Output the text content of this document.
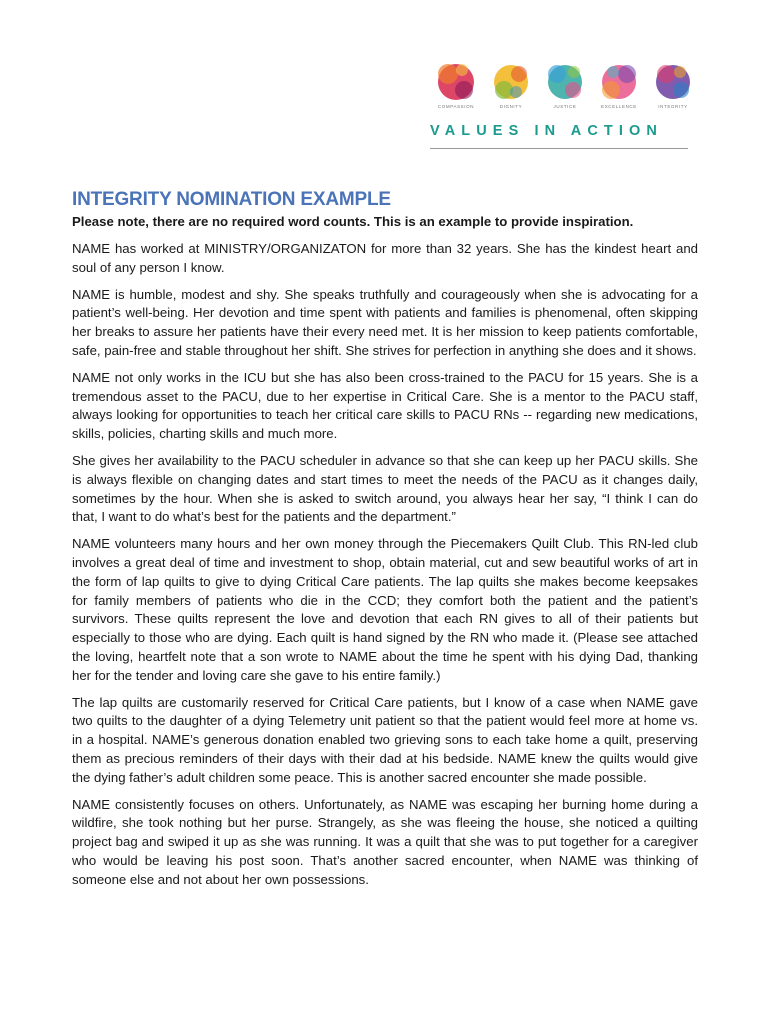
COMPASSION	DIGNITY	JUSTICE	EXCELLENCE	INTEGRITY
VALUES IN ACTION
INTEGRITY NOMINATION EXAMPLE
Please note, there are no required word counts. This is an example to provide inspiration.

NAME has worked at MINISTRY/ORGANIZATON for more than 32 years. She has the kindest heart and soul of any person I know.

NAME is humble, modest and shy. She speaks truthfully and courageously when she is advocating for a patient’s well-being. Her devotion and time spent with patients and families is phenomenal, often skipping her breaks to assure her patients have their every need met. It is her mission to keep patients comfortable, safe, pain-free and stable throughout her shift. She strives for perfection in anything she does and it shows.

NAME not only works in the ICU but she has also been cross-trained to the PACU for 15 years. She is a tremendous asset to the PACU, due to her expertise in Critical Care. She is a mentor to the PACU staff, always looking for opportunities to teach her critical care skills to PACU RNs -- regarding new medications, skills, policies, charting skills and much more.

She gives her availability to the PACU scheduler in advance so that she can keep up her PACU skills. She is always flexible on changing dates and start times to meet the needs of the PACU as it changes daily, sometimes by the hour. When she is asked to switch around, you always hear her say, “I think I can do that, I want to do what’s best for the patients and the department.”

NAME volunteers many hours and her own money through the Piecemakers Quilt Club. This RN-led club involves a great deal of time and investment to shop, obtain material, cut and sew beautiful works of art in the form of lap quilts to give to dying Critical Care patients. The lap quilts she makes become keepsakes for family members of patients who die in the CCD; they comfort both the patient and the patient’s survivors. These quilts represent the love and devotion that each RN gives to all of their patients but especially to those who are dying. Each quilt is hand signed by the RN who made it. (Please see attached the loving, heartfelt note that a son wrote to NAME about the time he spent with his dying Dad, thanking her for the tender and loving care she gave to his entire family.)

The lap quilts are customarily reserved for Critical Care patients, but I know of a case when NAME gave two quilts to the daughter of a dying Telemetry unit patient so that the patient would feel more at home vs. in a hospital. NAME’s generous donation enabled two grieving sons to each take home a quilt, preserving them as precious reminders of their days with their dad at his bedside. NAME knew the quilts would give the dying father’s adult children some peace. This is another sacred encounter she made possible.

NAME consistently focuses on others. Unfortunately, as NAME was escaping her burning home during a wildfire, she took nothing but her purse. Strangely, as she was fleeing the house, she noticed a quilting project bag and swiped it up as she was running. It was a quilt that she was to put together for a caregiver who would be leaving his post soon. That’s another sacred encounter, when NAME was thinking of someone else and not about her own possessions.
